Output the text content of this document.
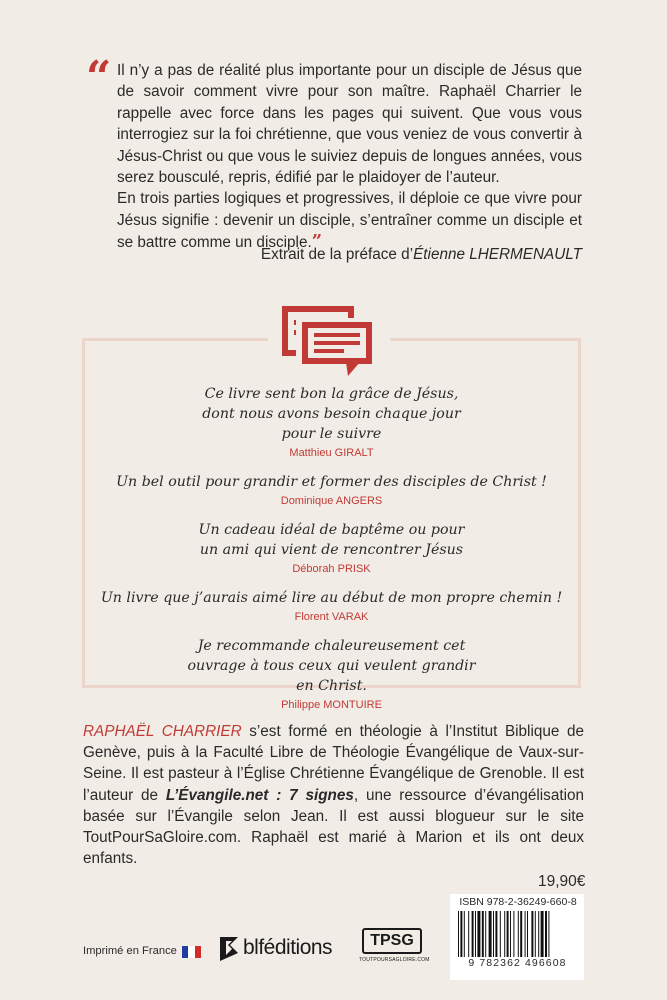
“ Il n’y a pas de réalité plus importante pour un disciple de Jésus que de savoir comment vivre pour son maître. Raphaël Charrier le rappelle avec force dans les pages qui suivent. Que vous vous interrogiez sur la foi chrétienne, que vous veniez de vous convertir à Jésus-Christ ou que vous le suiviez depuis de longues années, vous serez bousculé, repris, édifié par le plaidoyer de l’auteur.

En trois parties logiques et progressives, il déploie ce que vivre pour Jésus signifie : devenir un disciple, s’entraîner comme un disciple et se battre comme un disciple.”

Extrait de la préface d’Étienne LHERMENAULT
Ce livre sent bon la grâce de Jésus, dont nous avons besoin chaque jour pour le suivre
Matthieu GIRALT
Un bel outil pour grandir et former des disciples de Christ !
Dominique ANGERS
Un cadeau idéal de baptême ou pour un ami qui vient de rencontrer Jésus
Déborah PRISK
Un livre que j’aurais aimé lire au début de mon propre chemin !
Florent VARAK
Je recommande chaleureusement cet ouvrage à tous ceux qui veulent grandir en Christ.
Philippe MONTUIRE
RAPHAËL CHARRIER s’est formé en théologie à l’Institut Biblique de Genève, puis à la Faculté Libre de Théologie Évangélique de Vaux-sur-Seine. Il est pasteur à l’Église Chrétienne Évangélique de Grenoble. Il est l’auteur de L’Évangile.net : 7 signes, une ressource d’évangélisation basée sur l’Évangile selon Jean. Il est aussi blogueur sur le site ToutPourSaGloire.com. Raphaël est marié à Marion et ils ont deux enfants.
19,90€
ISBN 978-2-36249-660-8
9 782362 496608
Imprimé en France	blféditions	TPSG
TOUTPOURSAGLOIRE.COM
